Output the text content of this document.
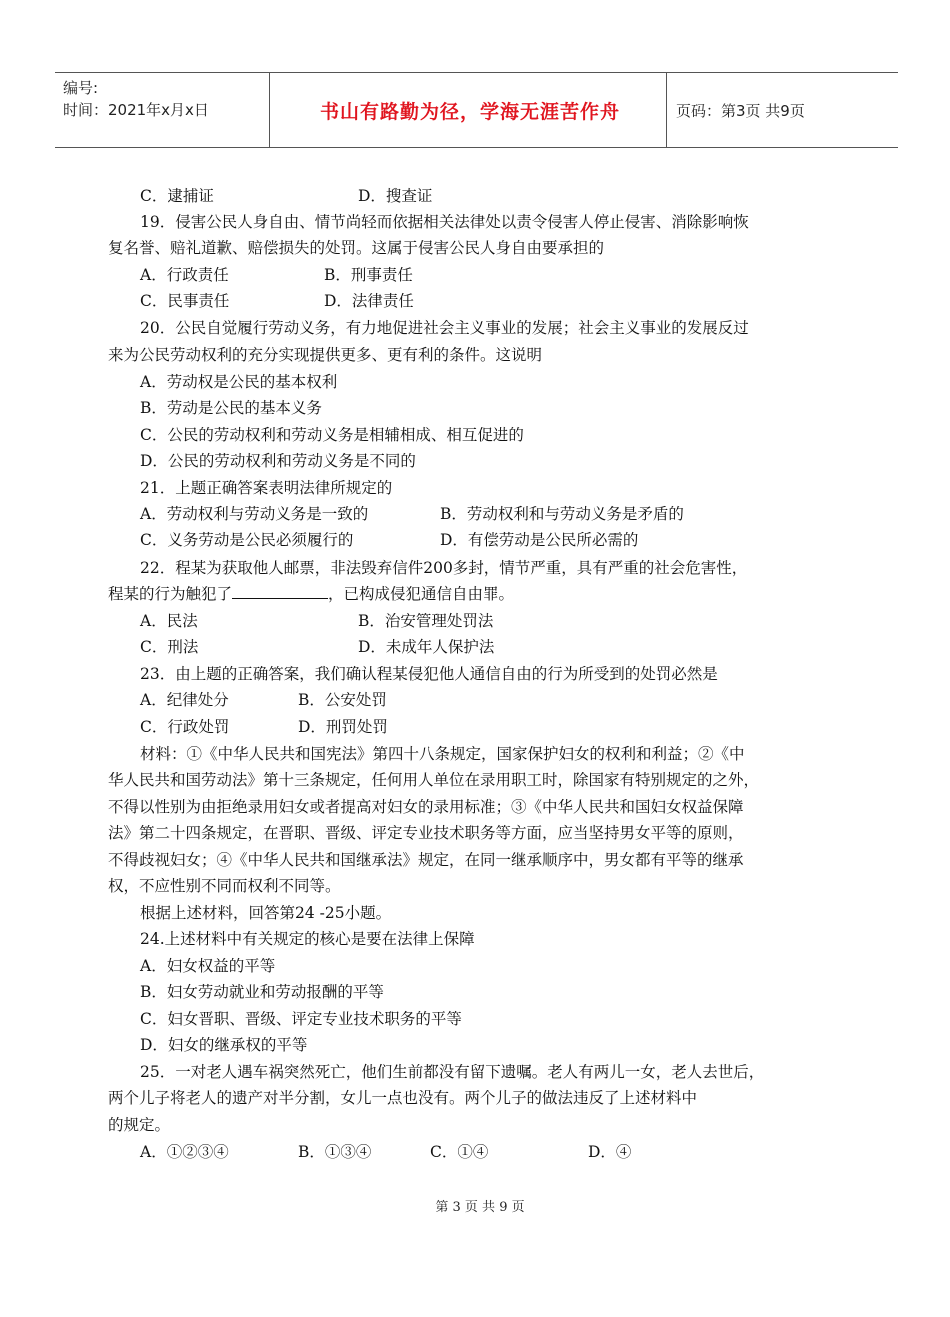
编号:
时间：2021年x月x日	书山有路勤为径，学海无涯苦作舟	页码：第3页 共9页
C．逮捕证	D．搜查证
19．侵害公民人身自由、情节尚轻而依据相关法律处以责令侵害人停止侵害、消除影响恢
复名誉、赔礼道歉、赔偿损失的处罚。这属于侵害公民人身自由要承担的
A．行政责任	B．刑事责任
C．民事责任	D．法律责任
20．公民自觉履行劳动义务，有力地促进社会主义事业的发展；社会主义事业的发展反过
来为公民劳动权利的充分实现提供更多、更有利的条件。这说明
A．劳动权是公民的基本权利
B．劳动是公民的基本义务
C．公民的劳动权利和劳动义务是相辅相成、相互促进的
D．公民的劳动权利和劳动义务是不同的
21．上题正确答案表明法律所规定的
A．劳动权利与劳动义务是一致的	B．劳动权利和与劳动义务是矛盾的
C．义务劳动是公民必须履行的	D．有偿劳动是公民所必需的
22．程某为获取他人邮票，非法毁弃信件200多封，情节严重，具有严重的社会危害性，
程某的行为触犯了	，已构成侵犯通信自由罪。
A．民法	B．治安管理处罚法
C．刑法	D．未成年人保护法
23．由上题的正确答案，我们确认程某侵犯他人通信自由的行为所受到的处罚必然是
A．纪律处分	B．公安处罚
C．行政处罚	D．刑罚处罚
材料：①《中华人民共和国宪法》第四十八条规定，国家保护妇女的权利和利益；②《中
华人民共和国劳动法》第十三条规定，任何用人单位在录用职工时，除国家有特别规定的之外，
不得以性别为由拒绝录用妇女或者提高对妇女的录用标准；③《中华人民共和国妇女权益保障
法》第二十四条规定，在晋职、晋级、评定专业技术职务等方面，应当坚持男女平等的原则，
不得歧视妇女；④《中华人民共和国继承法》规定，在同一继承顺序中，男女都有平等的继承
权，不应性别不同而权利不同等。
根据上述材料，回答第24 -25小题。
24.上述材料中有关规定的核心是要在法律上保障
A．妇女权益的平等
B．妇女劳动就业和劳动报酬的平等
C．妇女晋职、晋级、评定专业技术职务的平等
D．妇女的继承权的平等
25．一对老人遇车祸突然死亡，他们生前都没有留下遗嘱。老人有两儿一女，老人去世后，
两个儿子将老人的遗产对半分割，女儿一点也没有。两个儿子的做法违反了上述材料中
的规定。
A．①②③④	B．①③④	C．①④	D．④
第 3 页 共 9 页
